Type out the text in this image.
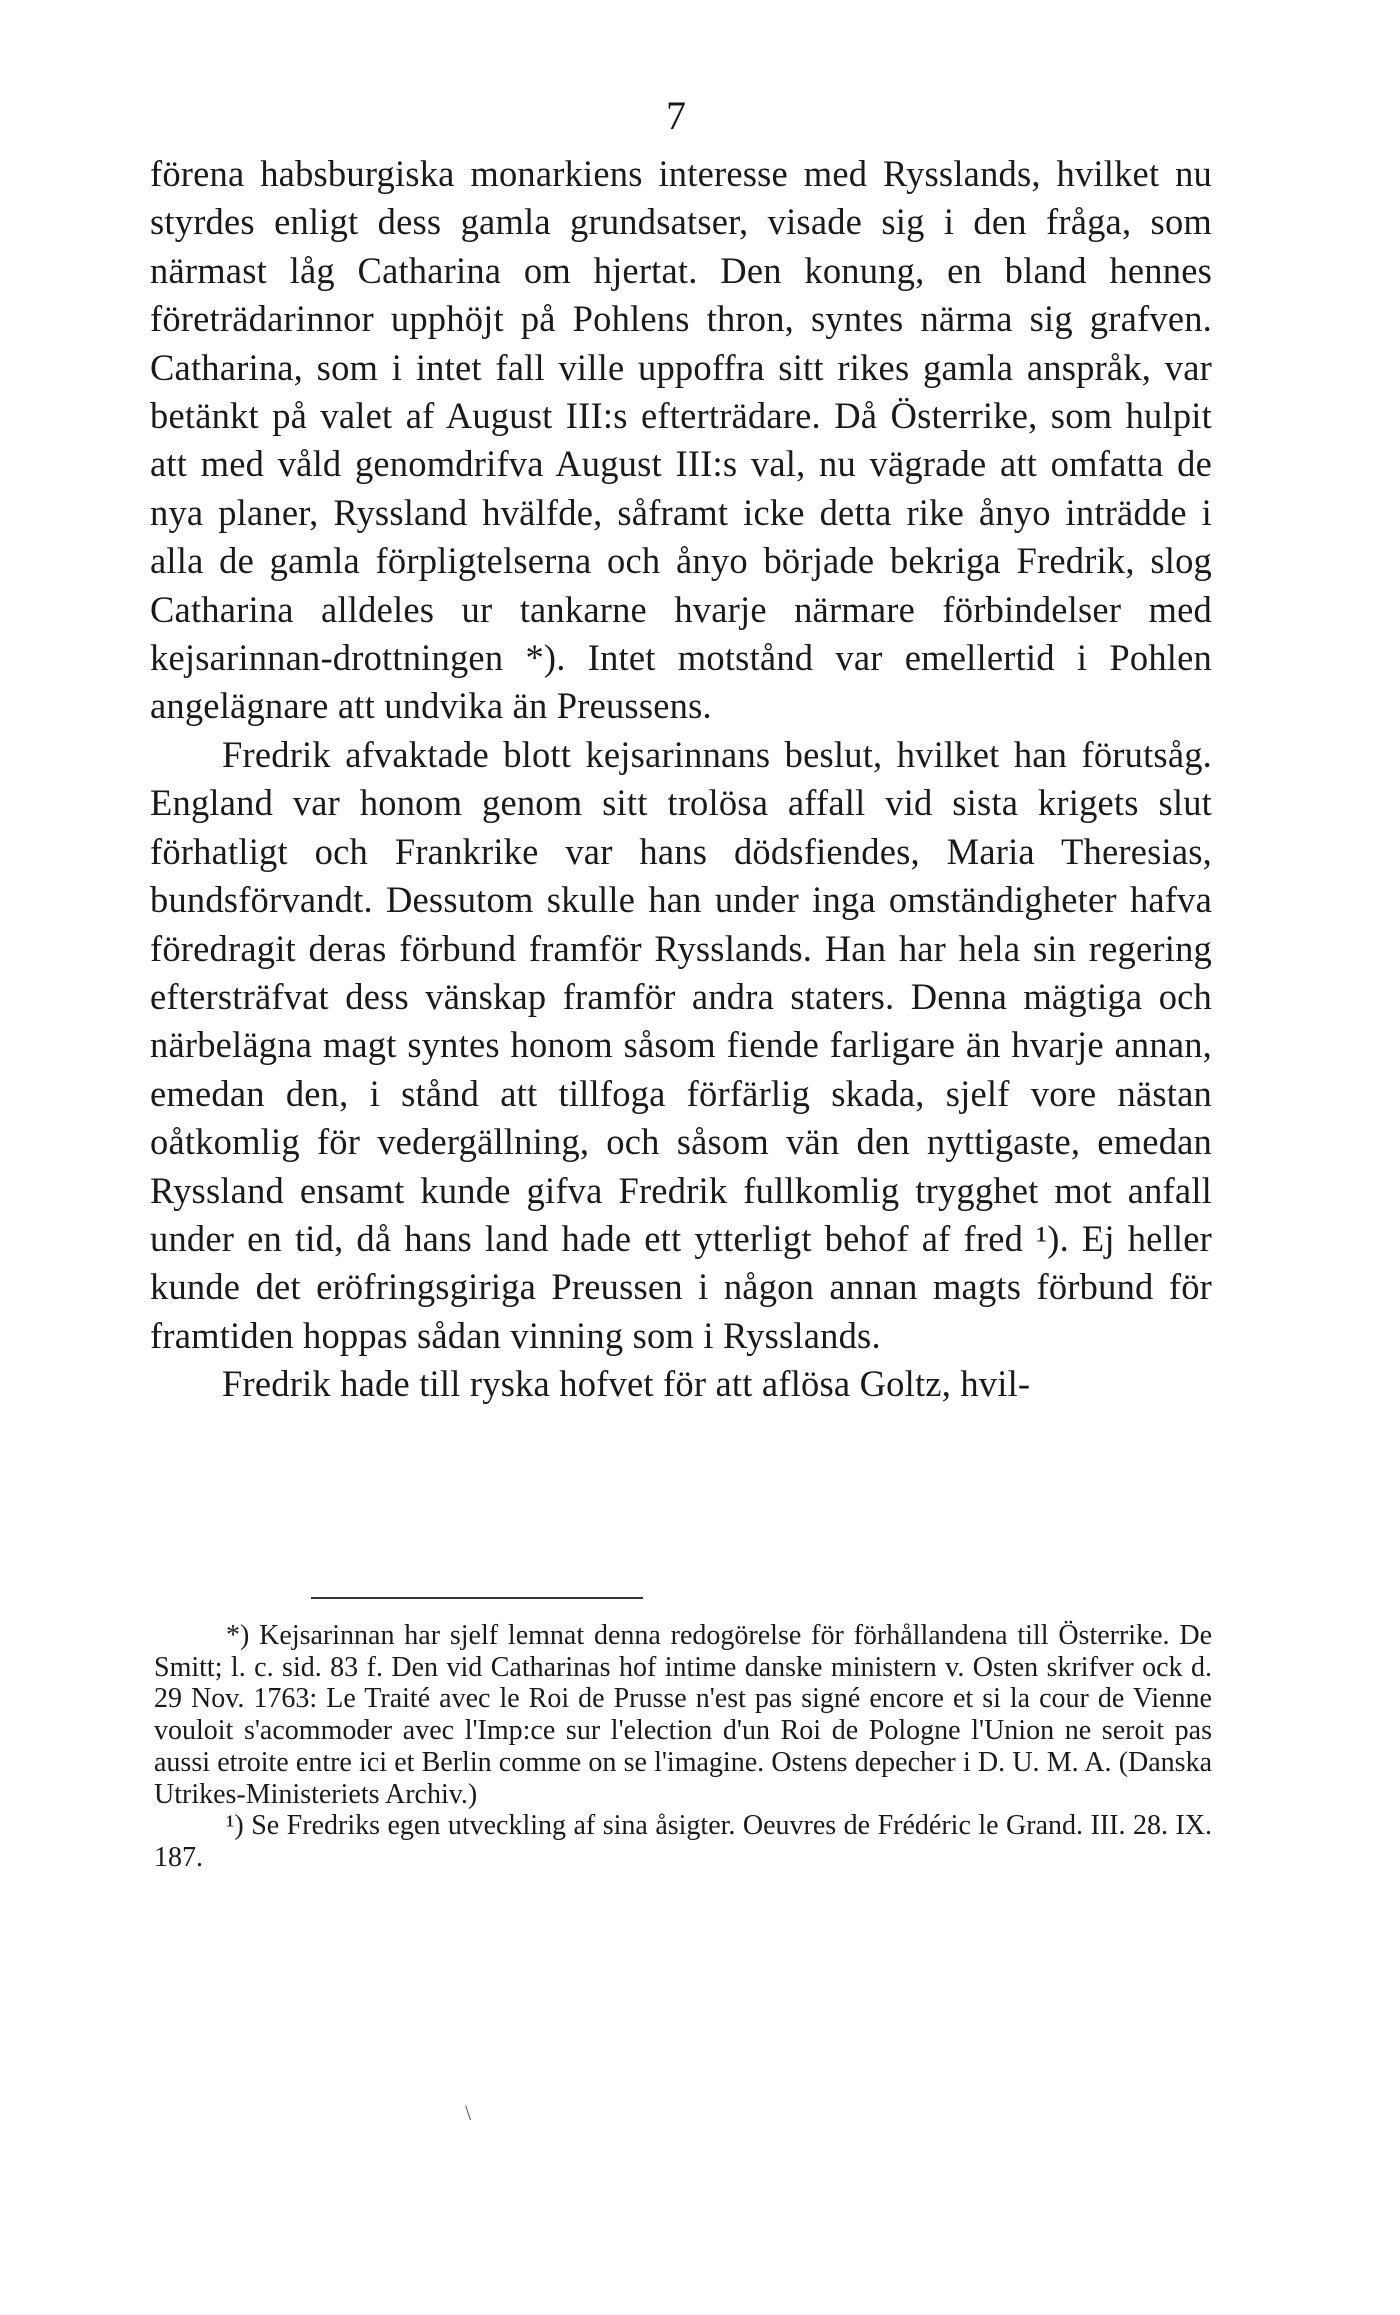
7

förena habsburgiska monarkiens interesse med Rysslands, hvilket nu styrdes enligt dess gamla grundsatser, visade sig i den fråga, som närmast låg Catharina om hjertat. Den konung, en bland hennes företrädarinnor upphöjt på Pohlens thron, syntes närma sig grafven. Catharina, som i intet fall ville uppoffra sitt rikes gamla anspråk, var betänkt på valet af August III:s efterträdare. Då Österrike, som hulpit att med våld genomdrifva August III:s val, nu vägrade att omfatta de nya planer, Ryssland hvälfde, såframt icke detta rike ånyo inträdde i alla de gamla förpligtelserna och ånyo började bekriga Fredrik, slog Catharina alldeles ur tankarne hvarje närmare förbindelser med kejsarinnan-drottningen *). Intet motstånd var emellertid i Pohlen angelägnare att undvika än Preussens.

Fredrik afvaktade blott kejsarinnans beslut, hvilket han förutsåg. England var honom genom sitt trolösa affall vid sista krigets slut förhatligt och Frankrike var hans dödsfiendes, Maria Theresias, bundsförvandt. Dessutom skulle han under inga omständigheter hafva föredragit deras förbund framför Rysslands. Han har hela sin regering eftersträfvat dess vänskap framför andra staters. Denna mägtiga och närbelägna magt syntes honom såsom fiende farligare än hvarje annan, emedan den, i stånd att tillfoga förfärlig skada, sjelf vore nästan oåtkomlig för vedergällning, och såsom vän den nyttigaste, emedan Ryssland ensamt kunde gifva Fredrik fullkomlig trygghet mot anfall under en tid, då hans land hade ett ytterligt behof af fred ¹). Ej heller kunde det eröfringsgiriga Preussen i någon annan magts förbund för framtiden hoppas sådan vinning som i Rysslands.

Fredrik hade till ryska hofvet för att aflösa Goltz, hvil-

*) Kejsarinnan har sjelf lemnat denna redogörelse för förhållandena till Österrike. De Smitt; l. c. sid. 83 f. Den vid Catharinas hof intime danske ministern v. Osten skrifver ock d. 29 Nov. 1763: Le Traité avec le Roi de Prusse n'est pas signé encore et si la cour de Vienne vouloit s'acommoder avec l'Imp:ce sur l'election d'un Roi de Pologne l'Union ne seroit pas aussi etroite entre ici et Berlin comme on se l'imagine. Ostens depecher i D. U. M. A. (Danska Utrikes-Ministeriets Archiv.)

¹) Se Fredriks egen utveckling af sina åsigter. Oeuvres de Frédéric le Grand. III. 28. IX. 187.

\
